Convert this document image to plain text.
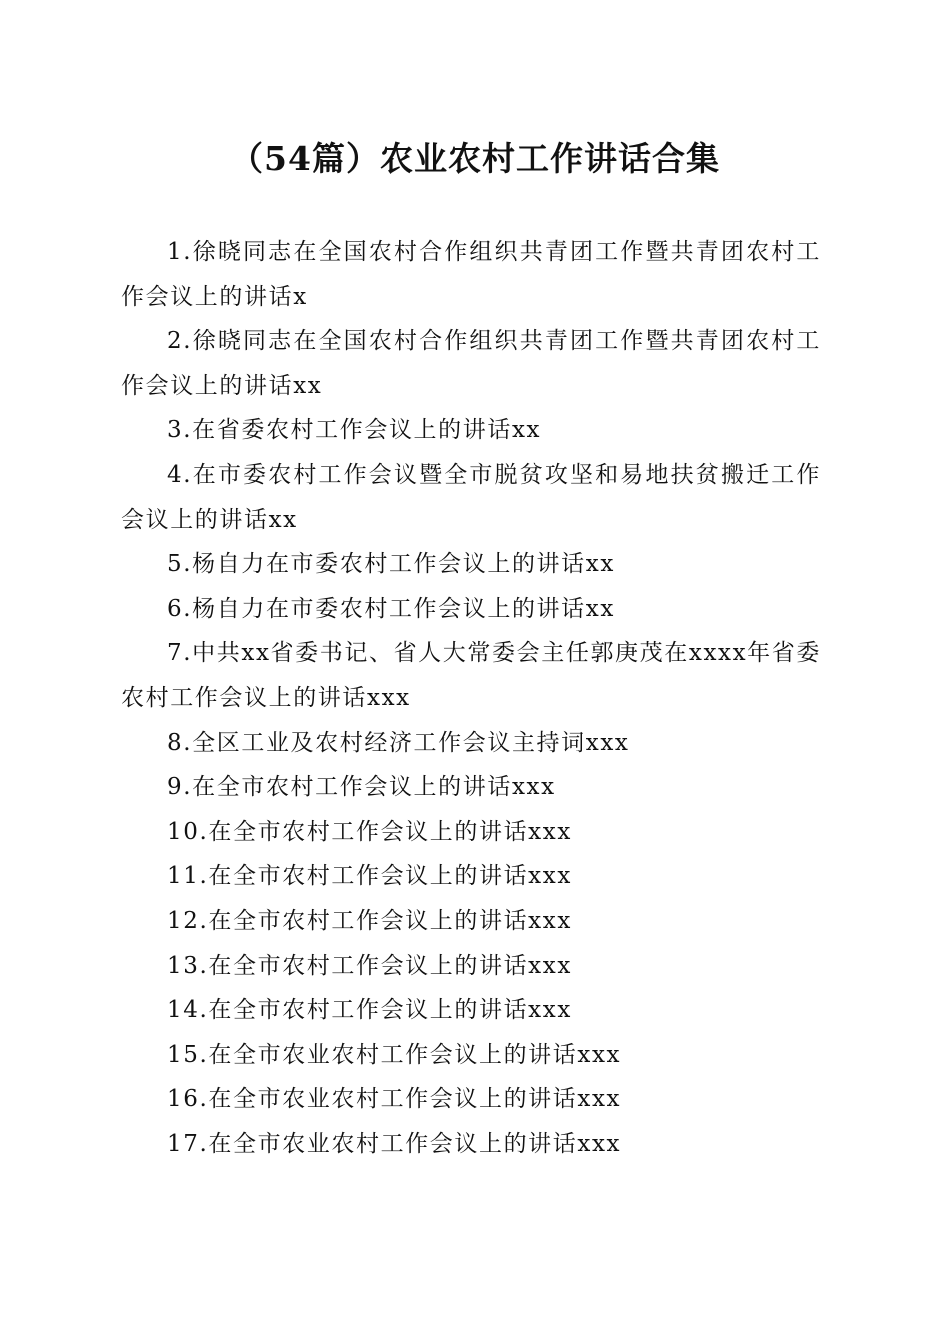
（54篇）农业农村工作讲话合集

1.徐晓同志在全国农村合作组织共青团工作暨共青团农村工作会议上的讲话x

2.徐晓同志在全国农村合作组织共青团工作暨共青团农村工作会议上的讲话xx

3.在省委农村工作会议上的讲话xx

4.在市委农村工作会议暨全市脱贫攻坚和易地扶贫搬迁工作会议上的讲话xx

5.杨自力在市委农村工作会议上的讲话xx

6.杨自力在市委农村工作会议上的讲话xx

7.中共xx省委书记、省人大常委会主任郭庚茂在xxxx年省委农村工作会议上的讲话xxx

8.全区工业及农村经济工作会议主持词xxx

9.在全市农村工作会议上的讲话xxx

10.在全市农村工作会议上的讲话xxx

11.在全市农村工作会议上的讲话xxx

12.在全市农村工作会议上的讲话xxx

13.在全市农村工作会议上的讲话xxx

14.在全市农村工作会议上的讲话xxx

15.在全市农业农村工作会议上的讲话xxx

16.在全市农业农村工作会议上的讲话xxx

17.在全市农业农村工作会议上的讲话xxx
